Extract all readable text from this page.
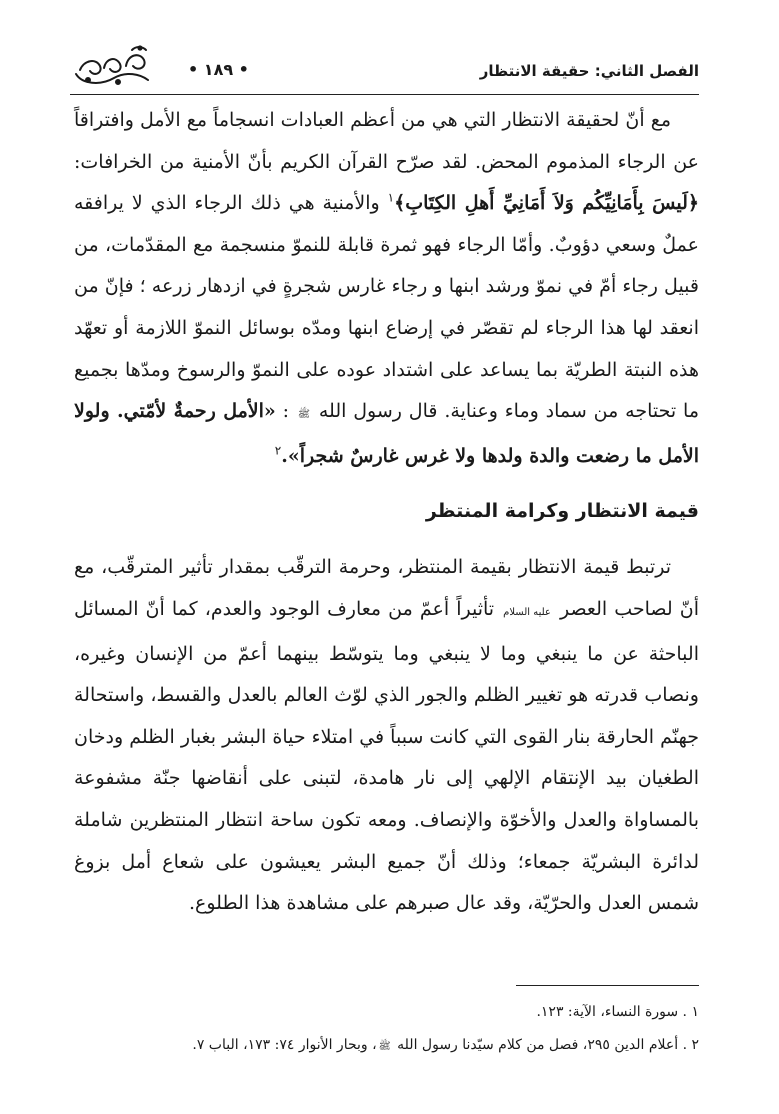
الفصل الثاني: حقيقة الانتظار
• ١٨٩ •

مع أنّ لحقيقة الانتظار التي هي من أعظم العبادات انسجاماً مع الأمل وافتراقاً عن الرجاء المذموم المحض. لقد صرّح القرآن الكريم بأنّ الأمنية من الخرافات: ﴿لَيسَ بِأَمَانِيِّكُم وَلاَ أَمَانِيِّ أَهلِ الكِتَابِ﴾$^١$ والأمنية هي ذلك الرجاء الذي لا يرافقه عملٌ وسعي دؤوبٌ. وأمّا الرجاء فهو ثمرة قابلة للنموّ منسجمة مع المقدّمات، من قبيل رجاء أمّ في نموّ ورشد ابنها و رجاء غارس شجرةٍ في ازدهار زرعه ؛ فإنّ من انعقد لها هذا الرجاء لم تقصّر في إرضاع ابنها ومدّه بوسائل النموّ اللازمة أو تعهّد هذه النبتة الطريّة بما يساعد على اشتداد عوده على النموّ والرسوخ ومدّها بجميع ما تحتاجه من سماد وماء وعناية. قال رسول الله ﷺ : «الأمل رحمةٌ لأمّتي. ولولا الأمل ما رضعت والدة ولدها ولا غرس غارسٌ شجراً».$^٢$

قيمة الانتظار وكرامة المنتظر

ترتبط قيمة الانتظار بقيمة المنتظر، وحرمة الترقّب بمقدار تأثير المترقّب، مع أنّ لصاحب العصر عليه السلام تأثيراً أعمّ من معارف الوجود والعدم، كما أنّ المسائل الباحثة عن ما ينبغي وما لا ينبغي وما يتوسّط بينهما أعمّ من الإنسان وغيره، ونصاب قدرته هو تغيير الظلم والجور الذي لوّث العالم بالعدل والقسط، واستحالة جهنّم الحارقة بنار القوى التي كانت سبباً في امتلاء حياة البشر بغبار الظلم ودخان الطغيان بيد الإنتقام الإلهي إلى نار هامدة، لتبنى على أنقاضها جنّة مشفوعة بالمساواة والعدل والأخوّة والإنصاف. ومعه تكون ساحة انتظار المنتظرين شاملة لدائرة البشريّة جمعاء؛ وذلك أنّ جميع البشر يعيشون على شعاع أمل بزوغ شمس العدل والحرّيّة، وقد عال صبرهم على مشاهدة هذا الطلوع.

١ . سورة النساء، الآية: ١٢٣.

٢ . أعلام الدين ٢٩٥، فصل من كلام سيّدنا رسول الله ﷺ، وبحار الأنوار ٧٤: ١٧٣، الباب ٧.
